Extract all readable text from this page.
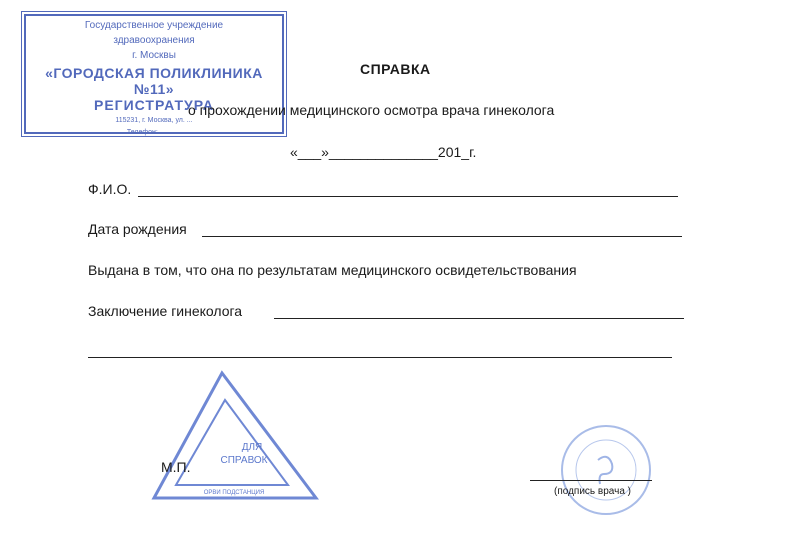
Государственное учреждение
здравоохранения
г. Москвы
«ГОРОДСКАЯ ПОЛИКЛИНИКА №11»
РЕГИСТРАТУРА
115231, г. Москва, ул. ...
Телефон: ... ... ...
СПРАВКА
о прохождении медицинского осмотра врача гинеколога
«___»______________201_г.
Ф.И.О.
Дата рождения
Выдана в том, что она по результатам медицинского освидетельствования
Заключение гинеколога
ДЛЯ
СПРАВОК
ОРВИ ПОДСТАНЦИЯ
М.П.
(подпись врача )
